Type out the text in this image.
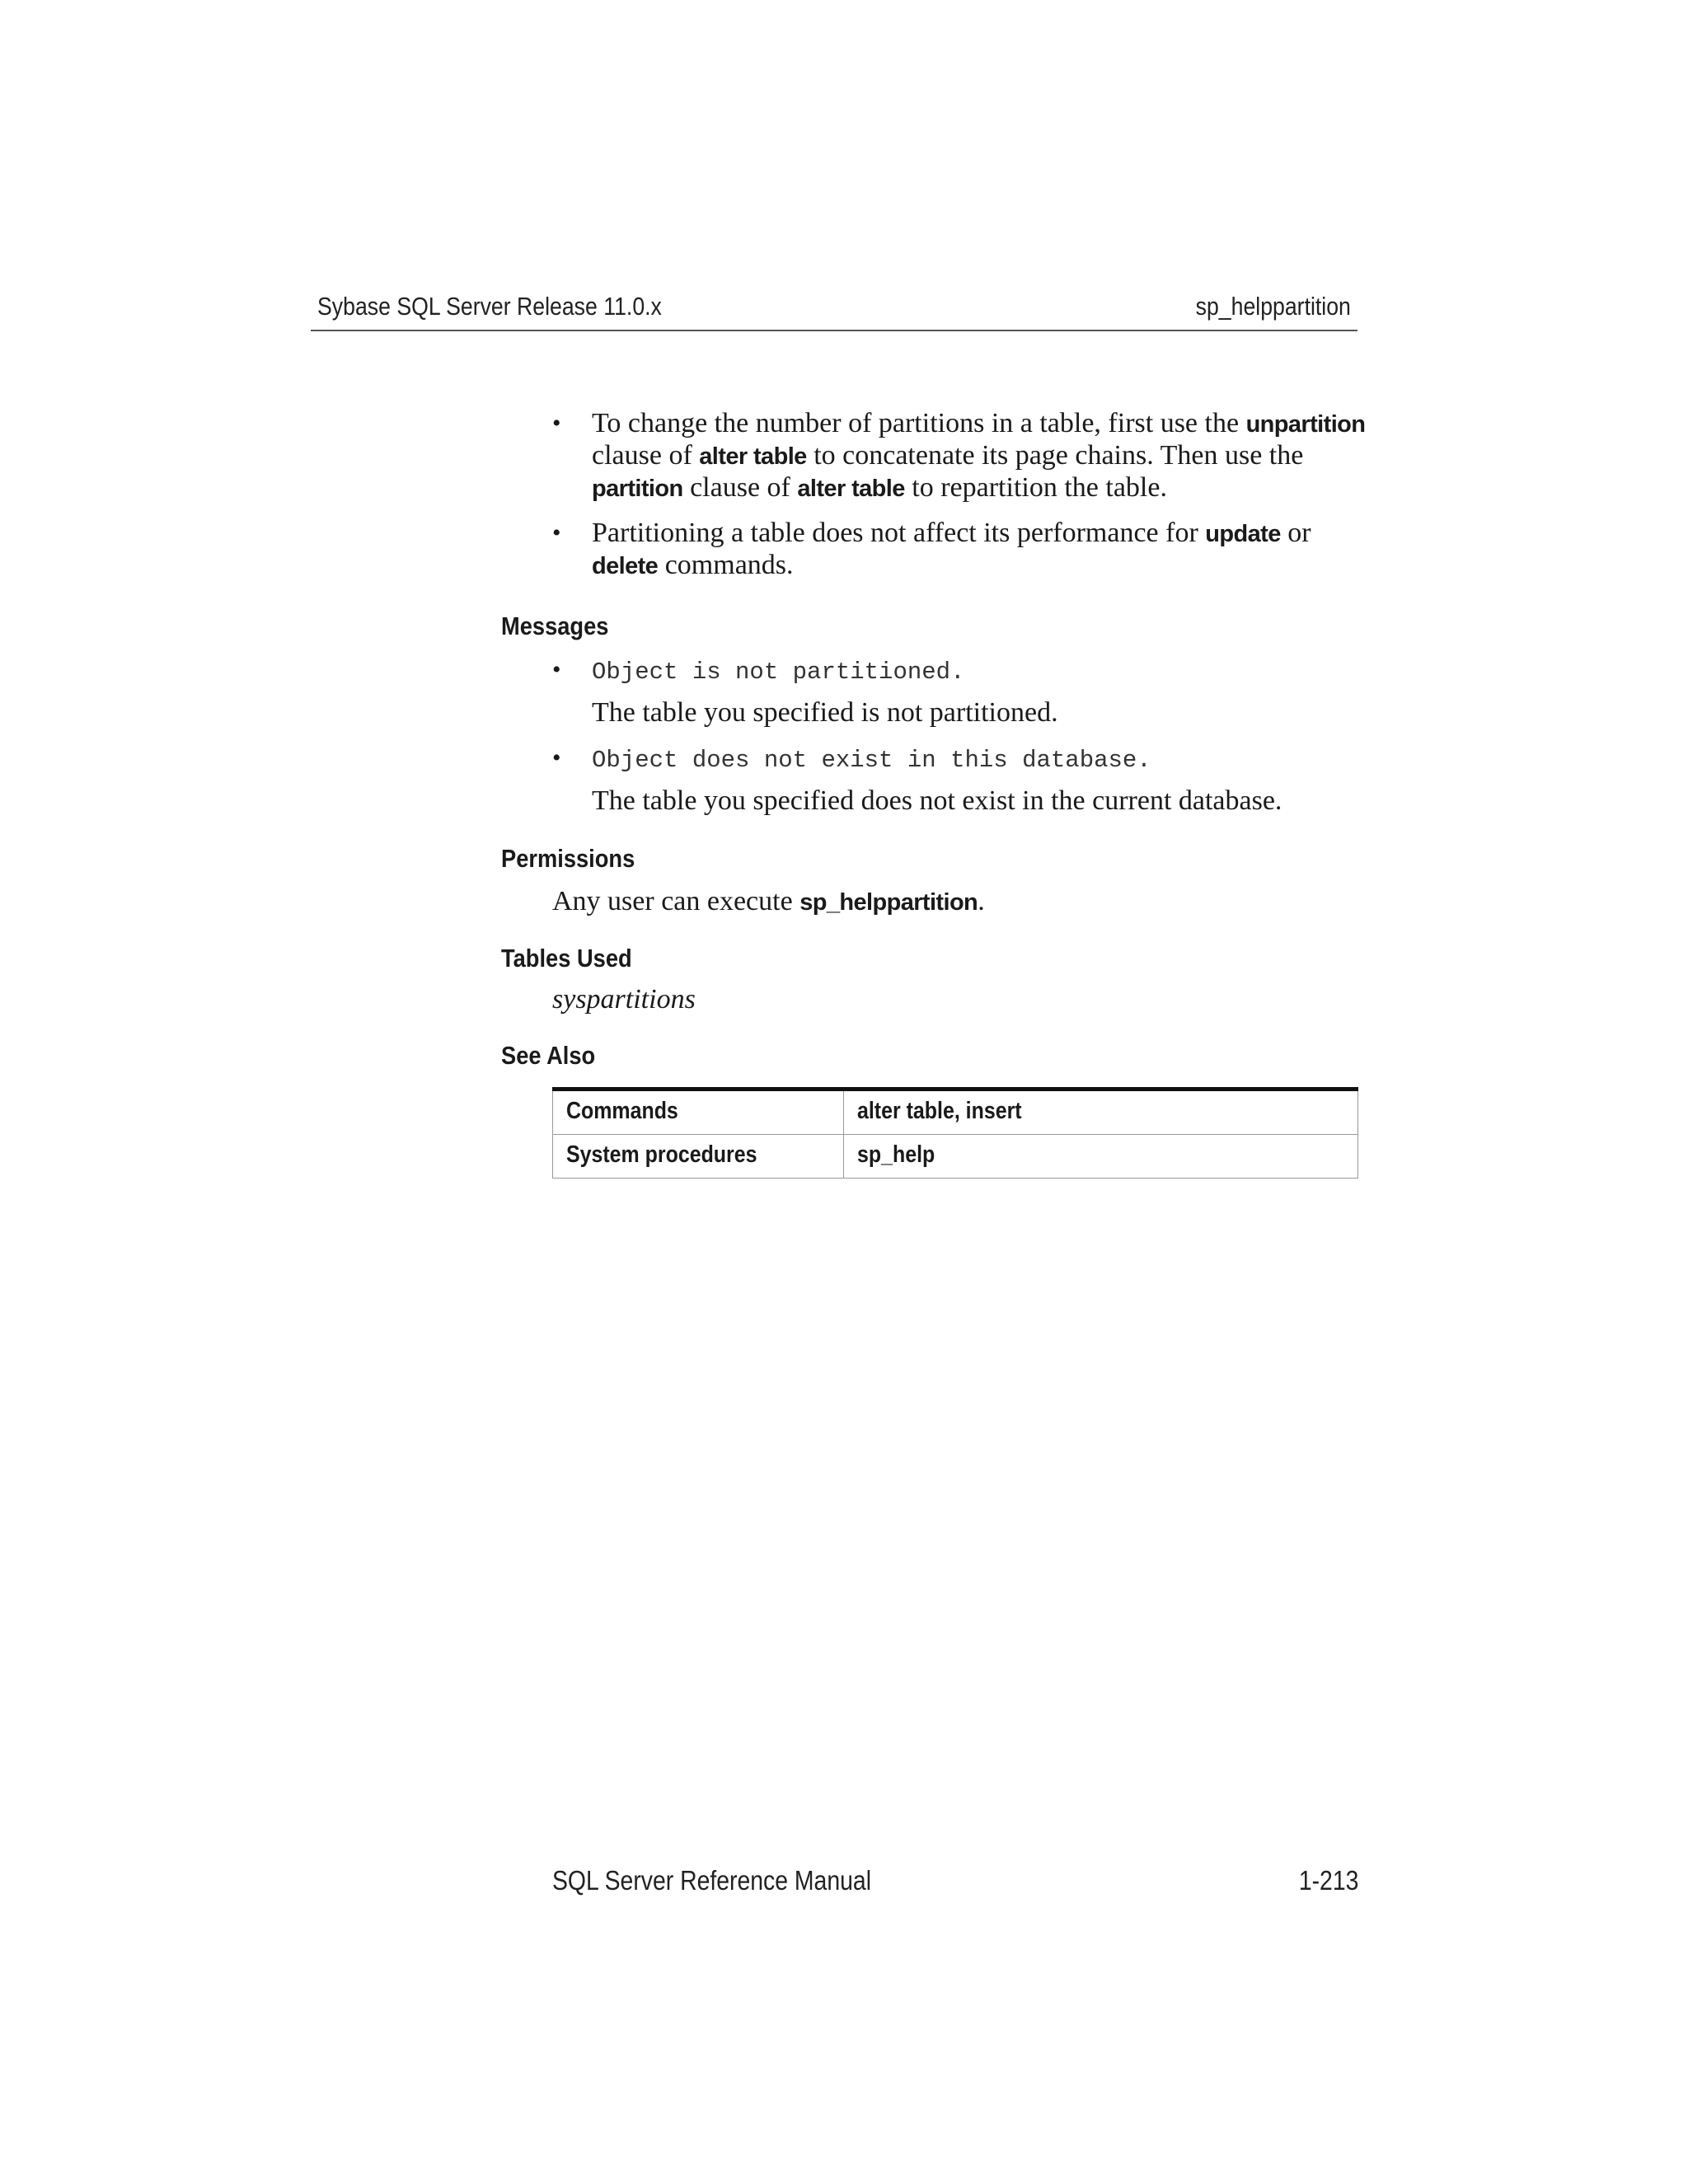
Sybase SQL Server Release 11.0.x	sp_helppartition
• To change the number of partitions in a table, first use the unpartition clause of alter table to concatenate its page chains. Then use the partition clause of alter table to repartition the table.
• Partitioning a table does not affect its performance for update or delete commands.
Messages
• Object is not partitioned.
The table you specified is not partitioned.
• Object does not exist in this database.
The table you specified does not exist in the current database.
Permissions
Any user can execute sp_helppartition.
Tables Used
syspartitions
See Also
Commands	alter table, insert
System procedures	sp_help
SQL Server Reference Manual	1-213
